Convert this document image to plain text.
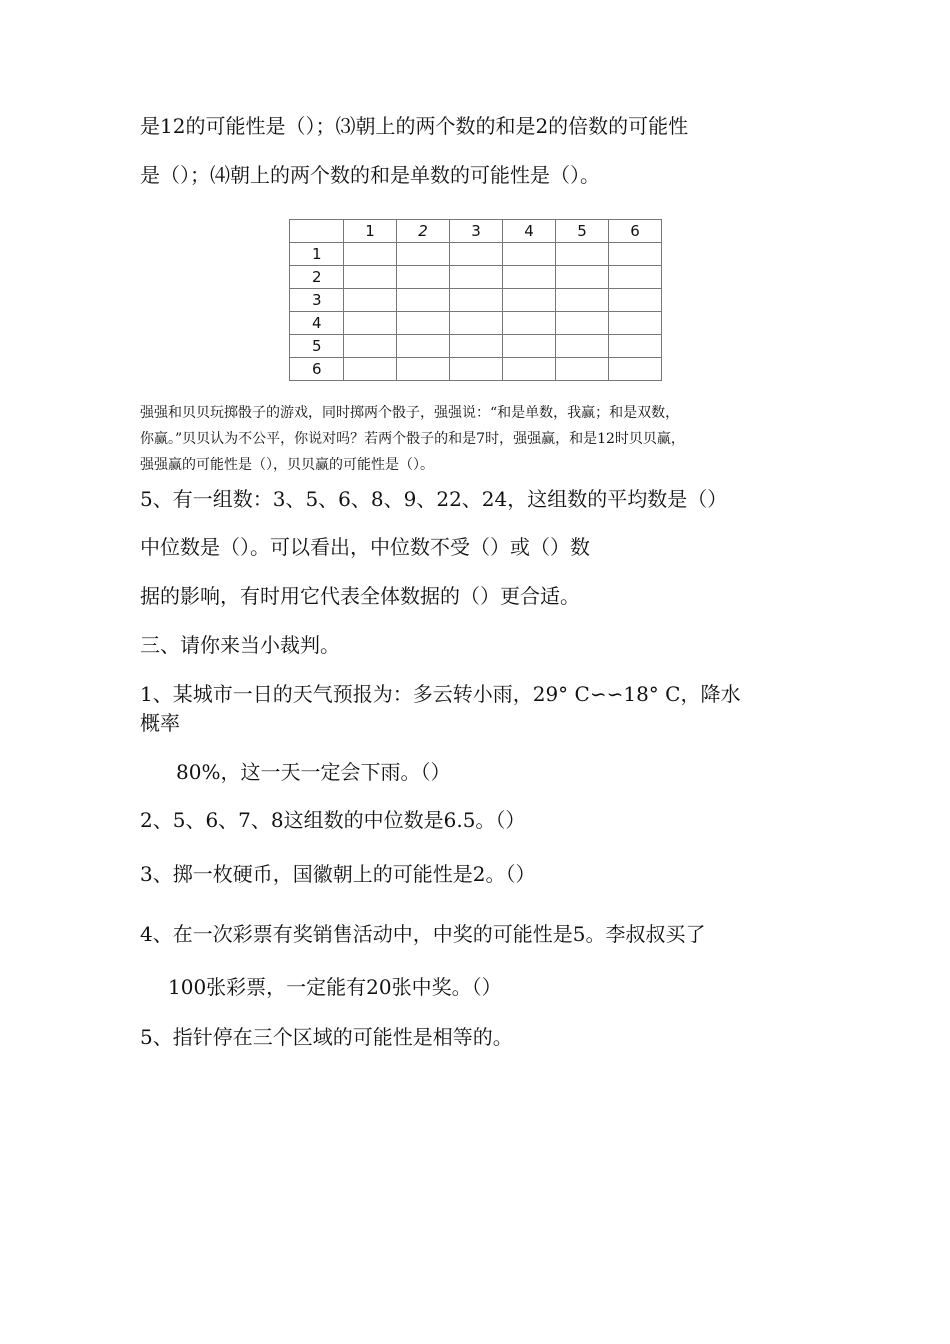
是12的可能性是（）；⑶朝上的两个数的和是2的倍数的可能性
是（）；⑷朝上的两个数的和是单数的可能性是（）。
	1	2	3	4	5	6
1						
2						
3						
4						
5						
6						
强强和贝贝玩掷骰子的游戏，同时掷两个骰子，强强说：“和是单数，我赢；和是双数，
你赢。”贝贝认为不公平，你说对吗？若两个骰子的和是7时，强强赢，和是12时贝贝赢，
强强赢的可能性是（），贝贝赢的可能性是（）。
5、有一组数：3、5、6、8、9、22、24，这组数的平均数是（）
中位数是（）。可以看出，中位数不受（）或（）数
据的影响，有时用它代表全体数据的（）更合适。
三、请你来当小裁判。
1、某城市一日的天气预报为：多云转小雨，29° C∽∽18° C，降水
概率
80%，这一天一定会下雨。（）
2、5、6、7、8这组数的中位数是6.5。（）
3、掷一枚硬币，国徽朝上的可能性是2。（）
4、在一次彩票有奖销售活动中，中奖的可能性是5。李叔叔买了
100张彩票，一定能有20张中奖。（）
5、指针停在三个区域的可能性是相等的。
